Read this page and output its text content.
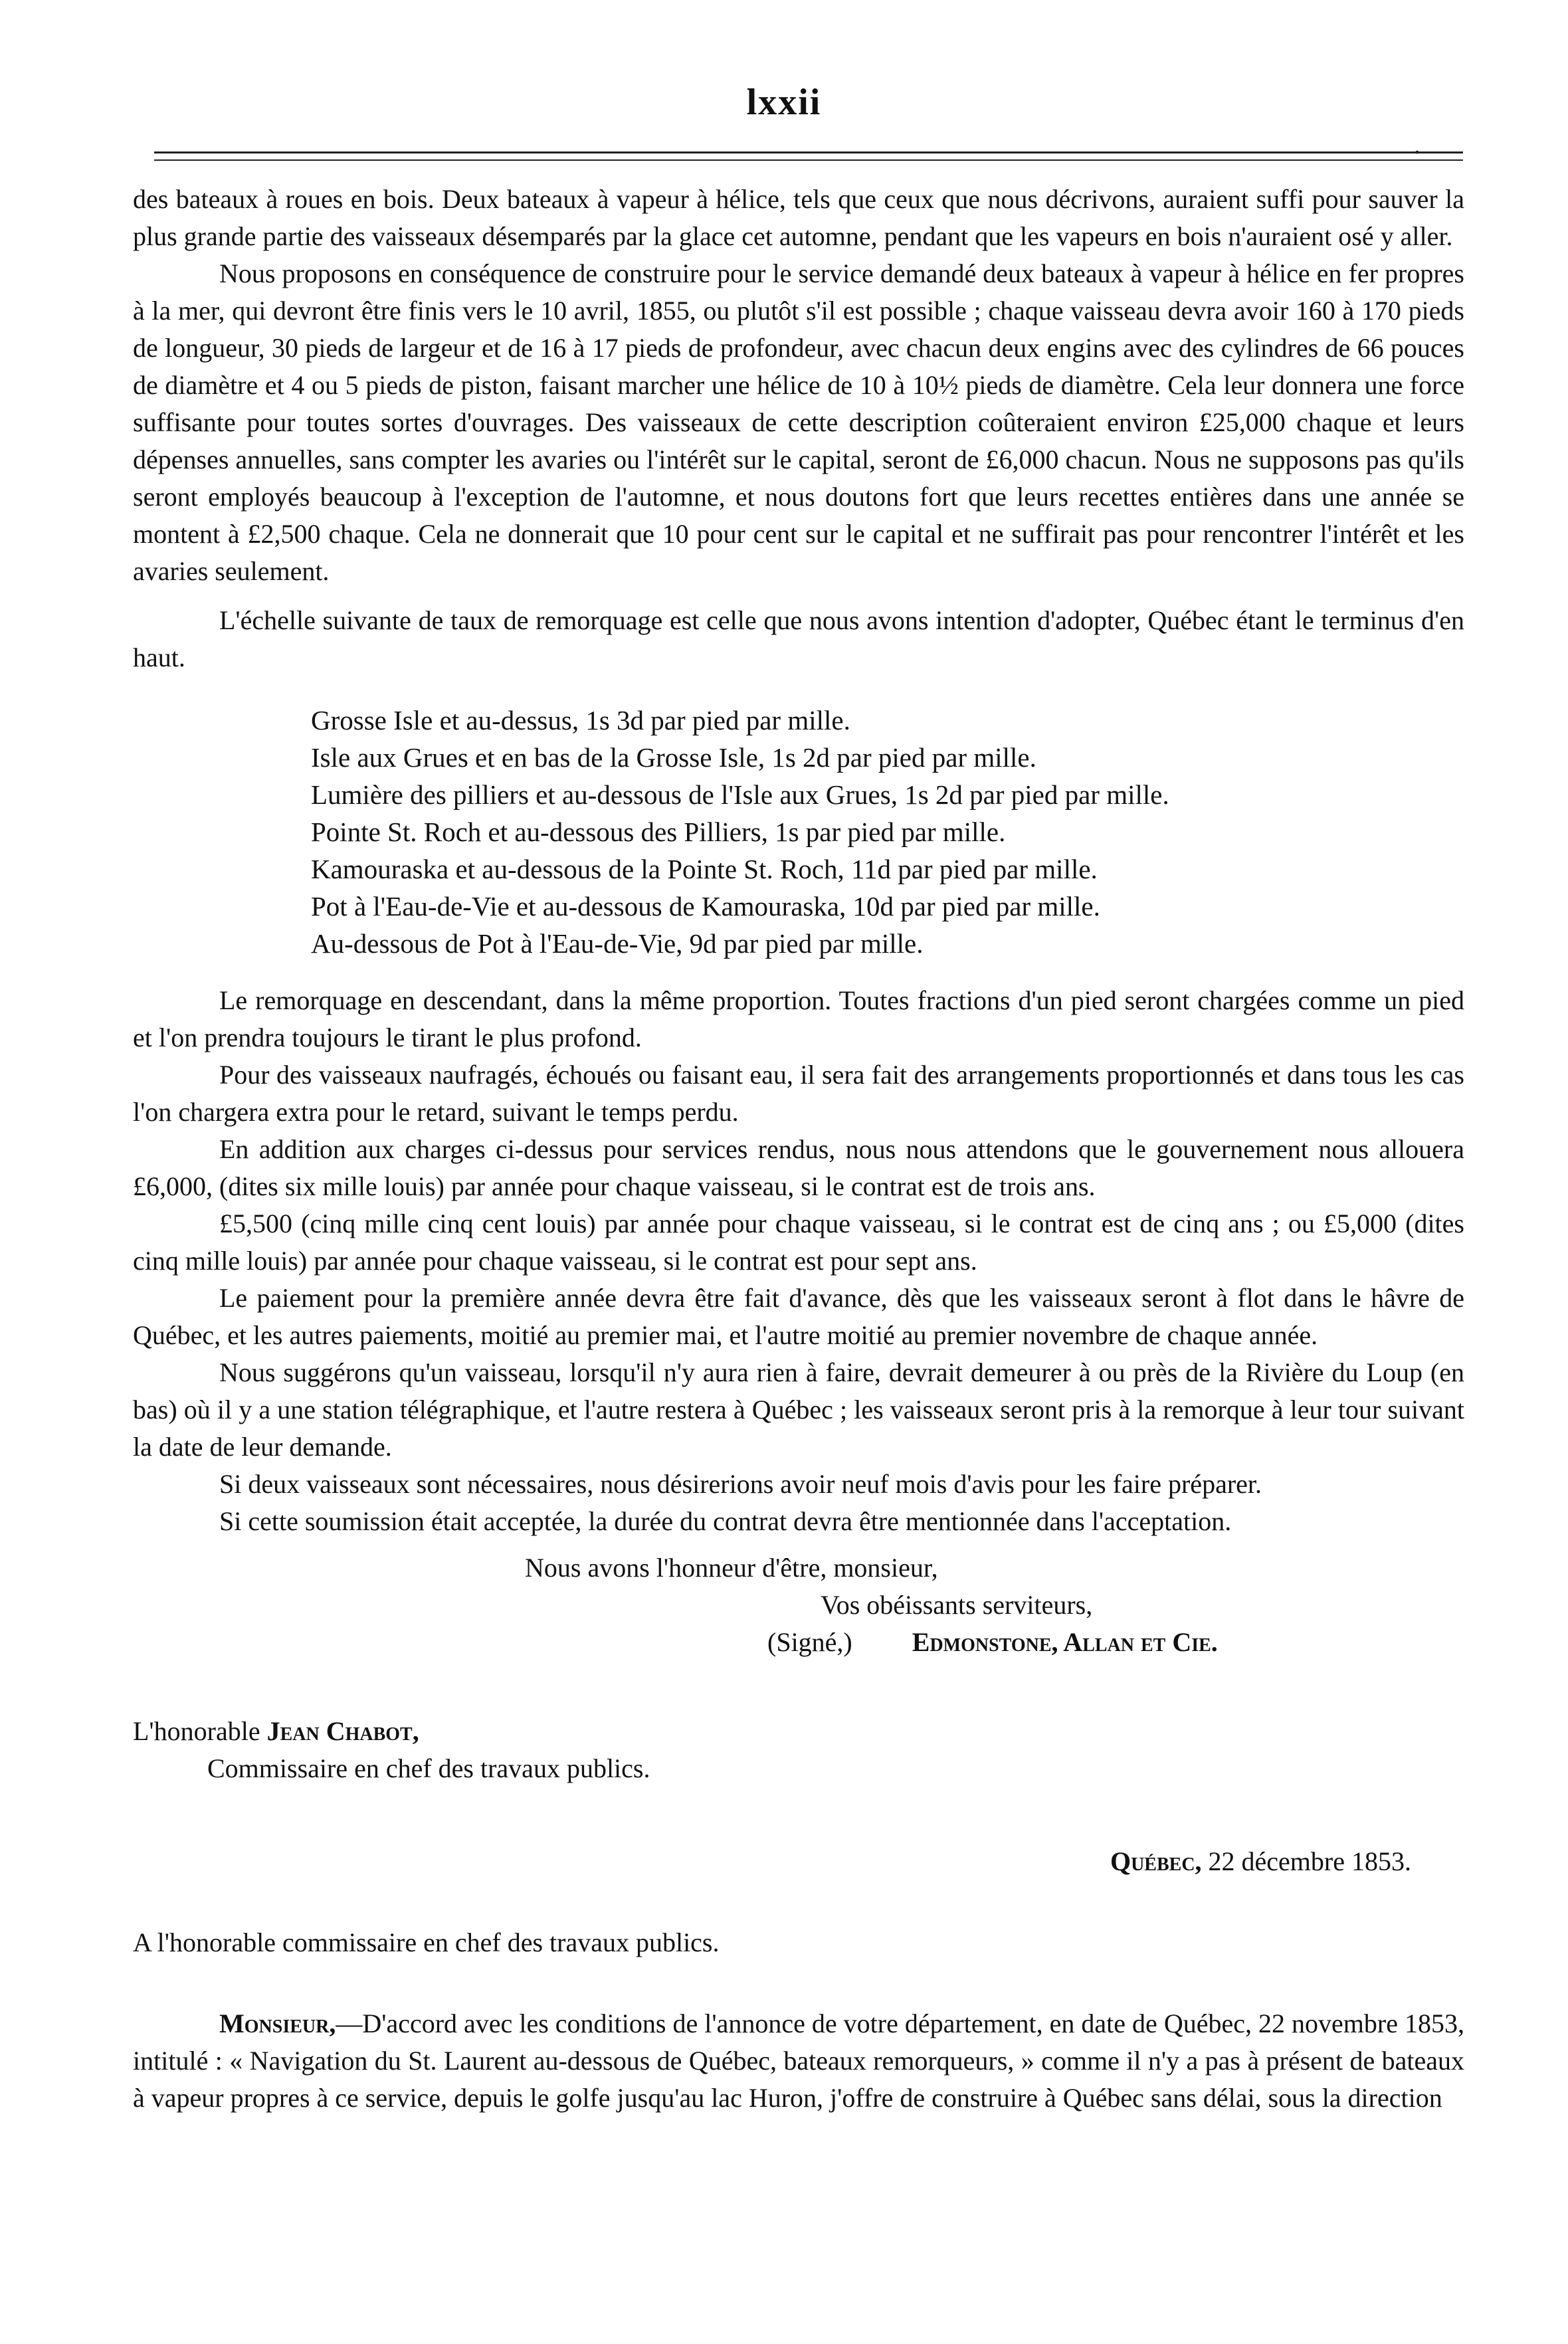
lxxii
.

des bateaux à roues en bois. Deux bateaux à vapeur à hélice, tels que ceux que nous décrivons, auraient suffi pour sauver la plus grande partie des vaisseaux désemparés par la glace cet automne, pendant que les vapeurs en bois n'auraient osé y aller.

Nous proposons en conséquence de construire pour le service demandé deux bateaux à vapeur à hélice en fer propres à la mer, qui devront être finis vers le 10 avril, 1855, ou plutôt s'il est possible ; chaque vaisseau devra avoir 160 à 170 pieds de longueur, 30 pieds de largeur et de 16 à 17 pieds de profondeur, avec chacun deux engins avec des cylindres de 66 pouces de diamètre et 4 ou 5 pieds de piston, faisant marcher une hélice de 10 à 10½ pieds de diamètre. Cela leur donnera une force suffisante pour toutes sortes d'ouvrages. Des vaisseaux de cette description coûteraient environ £25,000 chaque et leurs dépenses annuelles, sans compter les avaries ou l'intérêt sur le capital, seront de £6,000 chacun. Nous ne supposons pas qu'ils seront employés beaucoup à l'exception de l'automne, et nous doutons fort que leurs recettes entières dans une année se montent à £2,500 chaque. Cela ne donnerait que 10 pour cent sur le capital et ne suffirait pas pour rencontrer l'intérêt et les avaries seulement.

L'échelle suivante de taux de remorquage est celle que nous avons intention d'adopter, Québec étant le terminus d'en haut.

Grosse Isle et au-dessus, 1s 3d par pied par mille.
Isle aux Grues et en bas de la Grosse Isle, 1s 2d par pied par mille.
Lumière des pilliers et au-dessous de l'Isle aux Grues, 1s 2d par pied par mille.
Pointe St. Roch et au-dessous des Pilliers, 1s par pied par mille.
Kamouraska et au-dessous de la Pointe St. Roch, 11d par pied par mille.
Pot à l'Eau-de-Vie et au-dessous de Kamouraska, 10d par pied par mille.
Au-dessous de Pot à l'Eau-de-Vie, 9d par pied par mille.

Le remorquage en descendant, dans la même proportion. Toutes fractions d'un pied seront chargées comme un pied et l'on prendra toujours le tirant le plus profond.

Pour des vaisseaux naufragés, échoués ou faisant eau, il sera fait des arrangements proportionnés et dans tous les cas l'on chargera extra pour le retard, suivant le temps perdu.

En addition aux charges ci-dessus pour services rendus, nous nous attendons que le gouvernement nous allouera £6,000, (dites six mille louis) par année pour chaque vaisseau, si le contrat est de trois ans.

£5,500 (cinq mille cinq cent louis) par année pour chaque vaisseau, si le contrat est de cinq ans ; ou £5,000 (dites cinq mille louis) par année pour chaque vaisseau, si le contrat est pour sept ans.

Le paiement pour la première année devra être fait d'avance, dès que les vaisseaux seront à flot dans le hâvre de Québec, et les autres paiements, moitié au premier mai, et l'autre moitié au premier novembre de chaque année.

Nous suggérons qu'un vaisseau, lorsqu'il n'y aura rien à faire, devrait demeurer à ou près de la Rivière du Loup (en bas) où il y a une station télégraphique, et l'autre restera à Québec ; les vaisseaux seront pris à la remorque à leur tour suivant la date de leur demande.

Si deux vaisseaux sont nécessaires, nous désirerions avoir neuf mois d'avis pour les faire préparer.

Si cette soumission était acceptée, la durée du contrat devra être mentionnée dans l'acceptation.

Nous avons l'honneur d'être, monsieur,
Vos obéissants serviteurs,
(Signé,) Edmonstone, Allan et Cie.
L'honorable Jean Chabot,
Commissaire en chef des travaux publics.
Québec, 22 décembre 1853.
A l'honorable commissaire en chef des travaux publics.

Monsieur,—D'accord avec les conditions de l'annonce de votre département, en date de Québec, 22 novembre 1853, intitulé : « Navigation du St. Laurent au-dessous de Québec, bateaux remorqueurs, » comme il n'y a pas à présent de bateaux à vapeur propres à ce service, depuis le golfe jusqu'au lac Huron, j'offre de construire à Québec sans délai, sous la direction
